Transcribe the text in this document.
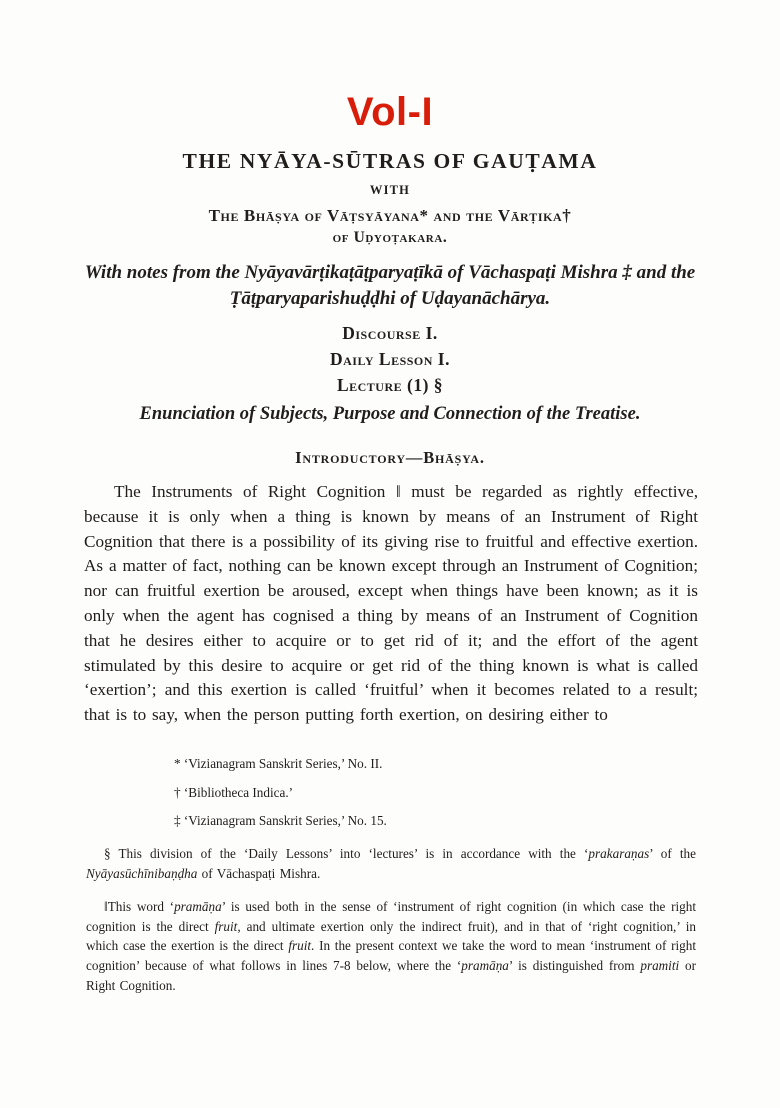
Vol-I
THE NYĀYA-SŪTRAS OF GAUṬAMA
WITH
The Bhāṣya of Vāṭsyāyana* and the Vārṭika†
of Uḍyoṭakara.
With notes from the Nyāyavārṭikaṭāṭparyaṭīkā of Vāchaspaṭi Mishra ‡ and the Ṭāṭparyaparishuḍḍhi of Uḍayanāchārya.
Discourse I.
Daily Lesson I.
Lecture (1) §
Enunciation of Subjects, Purpose and Connection of the Treatise.
Introductory—Bhāṣya.

The Instruments of Right Cognition ‖ must be regarded as rightly effective, because it is only when a thing is known by means of an Instrument of Right Cognition that there is a possibility of its giving rise to fruitful and effective exertion. As a matter of fact, nothing can be known except through an Instrument of Cognition; nor can fruitful exertion be aroused, except when things have been known; as it is only when the agent has cognised a thing by means of an Instrument of Cognition that he desires either to acquire or to get rid of it; and the effort of the agent stimulated by this desire to acquire or get rid of the thing known is what is called ‘exertion’; and this exertion is called ‘fruitful’ when it becomes related to a result; that is to say, when the person putting forth exertion, on desiring either to

* ‘Vizianagram Sanskrit Series,’ No. II.

† ‘Bibliotheca Indica.’

‡ ‘Vizianagram Sanskrit Series,’ No. 15.

§ This division of the ‘Daily Lessons’ into ‘lectures’ is in accordance with the ‘prakaraṇas’ of the Nyāyasūchīnibaṇḍha of Vāchaspaṭi Mishra.

‖This word ‘pramāṇa’ is used both in the sense of ‘instrument of right cognition (in which case the right cognition is the direct fruit, and ultimate exertion only the indirect fruit), and in that of ‘right cognition,’ in which case the exertion is the direct fruit. In the present context we take the word to mean ‘instrument of right cognition’ because of what follows in lines 7-8 below, where the ‘pramāṇa’ is distinguished from pramiti or Right Cognition.
